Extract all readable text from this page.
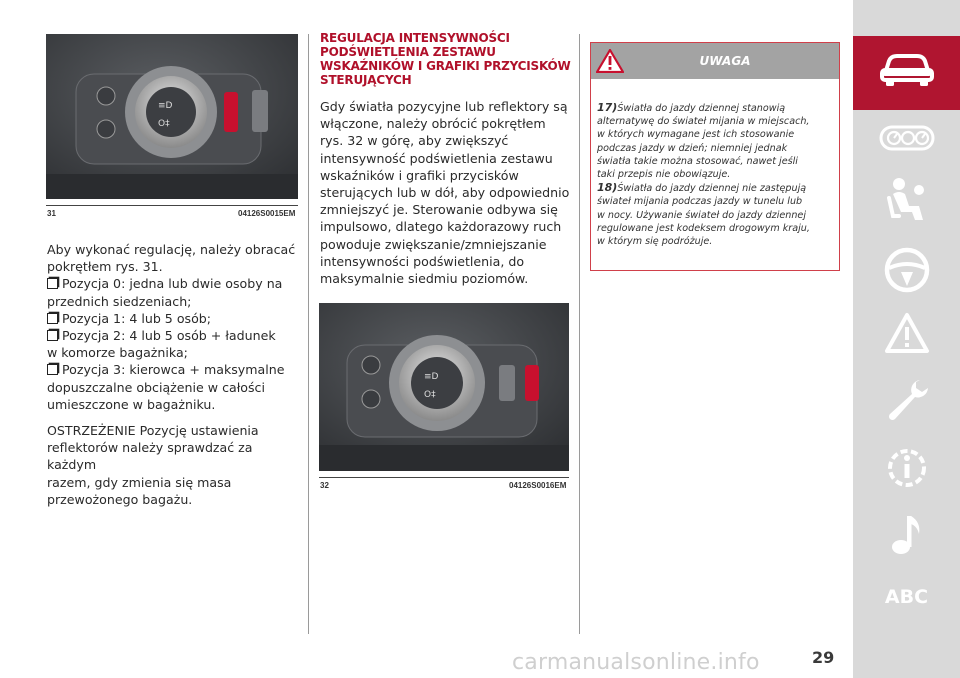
≡D
O‡
31	04126S0015EM
Aby wykonać regulację, należy obracać
pokrętłem rys. 31.
Pozycja 0: jedna lub dwie osoby na
przednich siedzeniach;
Pozycja 1: 4 lub 5 osób;
Pozycja 2: 4 lub 5 osób + ładunek
w komorze bagażnika;
Pozycja 3: kierowca + maksymalne
dopuszczalne obciążenie w całości
umieszczone w bagażniku.
OSTRZEŻENIE Pozycję ustawienia
reflektorów należy sprawdzać za każdym
razem, gdy zmienia się masa
przewożonego bagażu.
REGULACJA INTENSYWNOŚCI
PODŚWIETLENIA ZESTAWU
WSKAŹNIKÓW I GRAFIKI PRZYCISKÓW
STERUJĄCYCH
Gdy światła pozycyjne lub reflektory są
włączone, należy obrócić pokrętłem
rys. 32 w górę, aby zwiększyć
intensywność podświetlenia zestawu
wskaźników i grafiki przycisków
sterujących lub w dół, aby odpowiednio
zmniejszyć je. Sterowanie odbywa się
impulsowo, dlatego każdorazowy ruch
powoduje zwiększanie/zmniejszanie
intensywności podświetlenia, do
maksymalnie siedmiu poziomów.
≡D
O‡
32	04126S0016EM
UWAGA
17)Światła do jazdy dziennej stanowią
alternatywę do świateł mijania w miejscach,
w których wymagane jest ich stosowanie
podczas jazdy w dzień; niemniej jednak
światła takie można stosować, nawet jeśli
taki przepis nie obowiązuje.
18)Światła do jazdy dziennej nie zastępują
świateł mijania podczas jazdy w tunelu lub
w nocy. Używanie świateł do jazdy dziennej
regulowane jest kodeksem drogowym kraju,
w którym się podróżuje.
ABC
29
carmanualsonline.info
